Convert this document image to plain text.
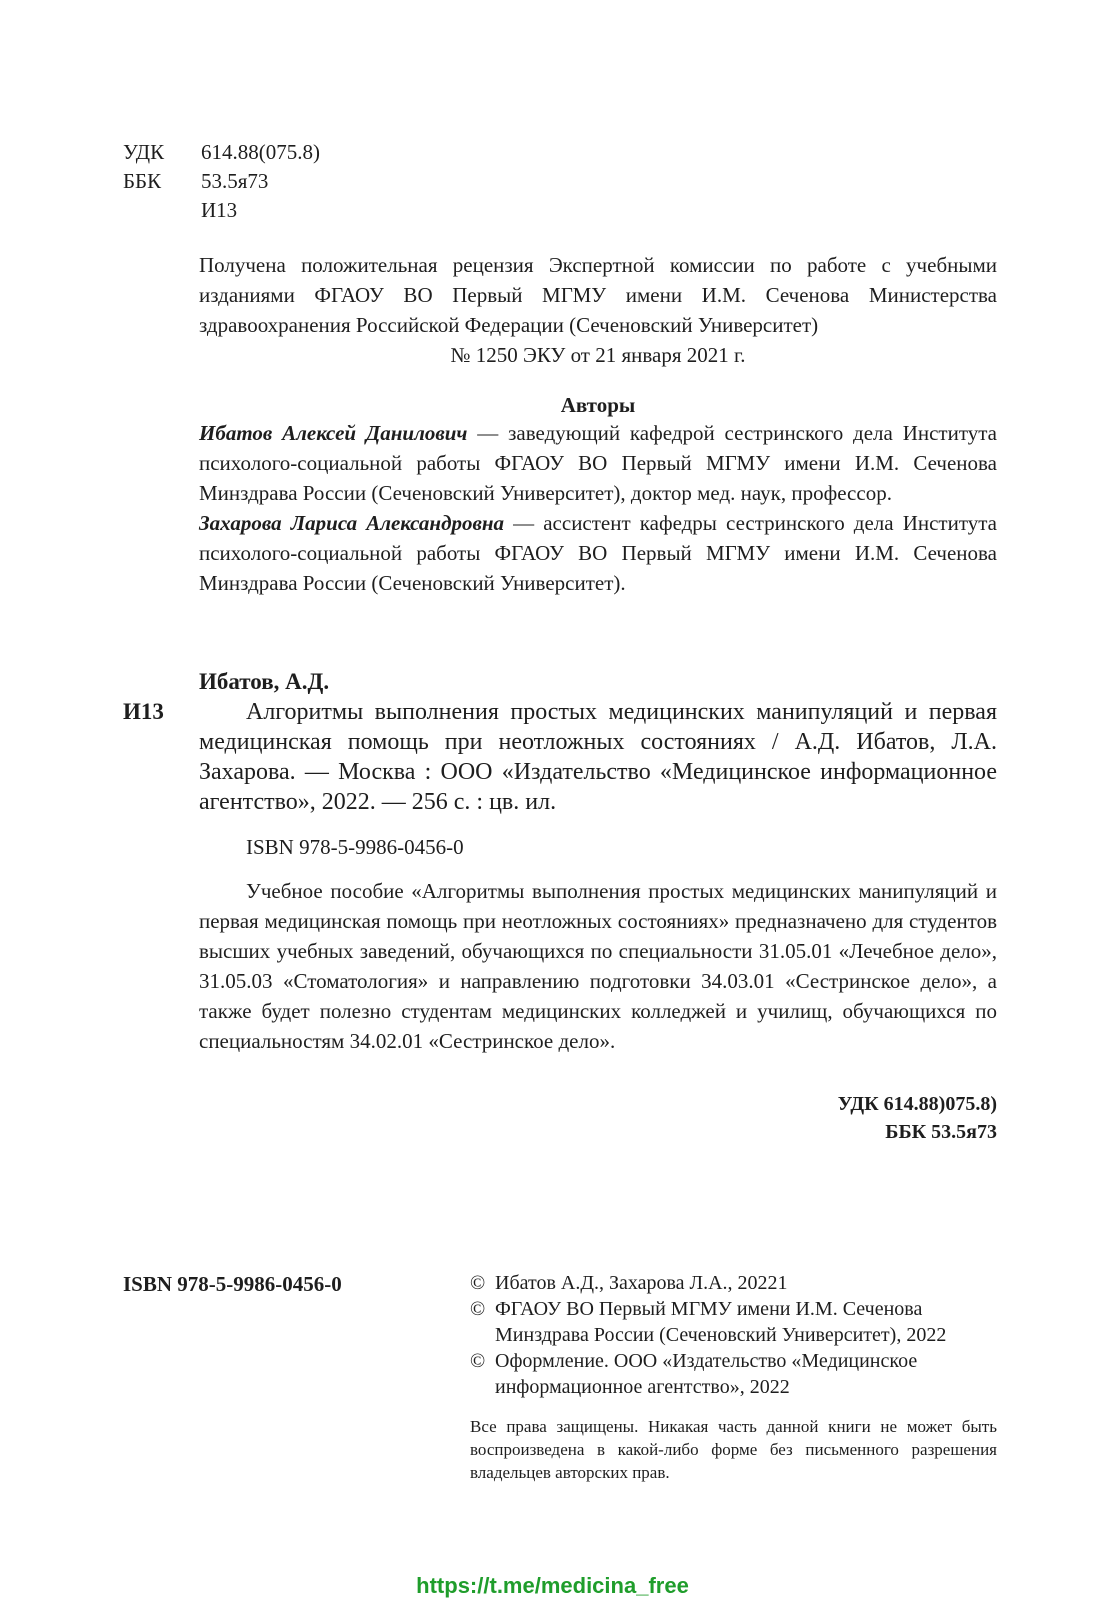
УДК	614.88(075.8)
ББК	53.5я73
И13

Получена положительная рецензия Экспертной комиссии по работе с учебными изданиями ФГАОУ ВО Первый МГМУ имени И.М. Сеченова Министерства здравоохранения Российской Федерации (Сеченовский Университет)

№ 1250 ЭКУ от 21 января 2021 г.

Авторы

Ибатов Алексей Данилович — заведующий кафедрой сестринского дела Института психолого-социальной работы ФГАОУ ВО Первый МГМУ имени И.М. Сеченова Минздрава России (Сеченовский Университет), доктор мед. наук, профессор.

Захарова Лариса Александровна — ассистент кафедры сестринского дела Института психолого-социальной работы ФГАОУ ВО Первый МГМУ имени И.М. Сеченова Минздрава России (Сеченовский Университет).

Ибатов, А.Д.
И13	Алгоритмы выполнения простых медицинских манипуляций и первая медицинская помощь при неотложных состояниях / А.Д. Ибатов, Л.А. Захарова. — Москва : ООО «Издательство «Медицинское информационное агентство», 2022. — 256 с. : цв. ил.

ISBN 978-5-9986-0456-0

Учебное пособие «Алгоритмы выполнения простых медицинских манипуляций и первая медицинская помощь при неотложных состояниях» предназначено для студентов высших учебных заведений, обучающихся по специальности 31.05.01 «Лечебное дело», 31.05.03 «Стоматология» и направлению подготовки 34.03.01 «Сестринское дело», а также будет полезно студентам медицинских колледжей и училищ, обучающихся по специальностям 34.02.01 «Сестринское дело».

УДК 614.88)075.8)
ББК 53.5я73
ISBN 978-5-9986-0456-0	© Ибатов А.Д., Захарова Л.А., 20221
© ФГАОУ ВО Первый МГМУ имени И.М. Сеченова Минздрава России (Сеченовский Университет), 2022
© Оформление. ООО «Издательство «Медицинское информационное агентство», 2022

Все права защищены. Никакая часть данной книги не может быть воспроизведена в какой-либо форме без письменного разрешения владельцев авторских прав.

https://t.me/medicina_free
